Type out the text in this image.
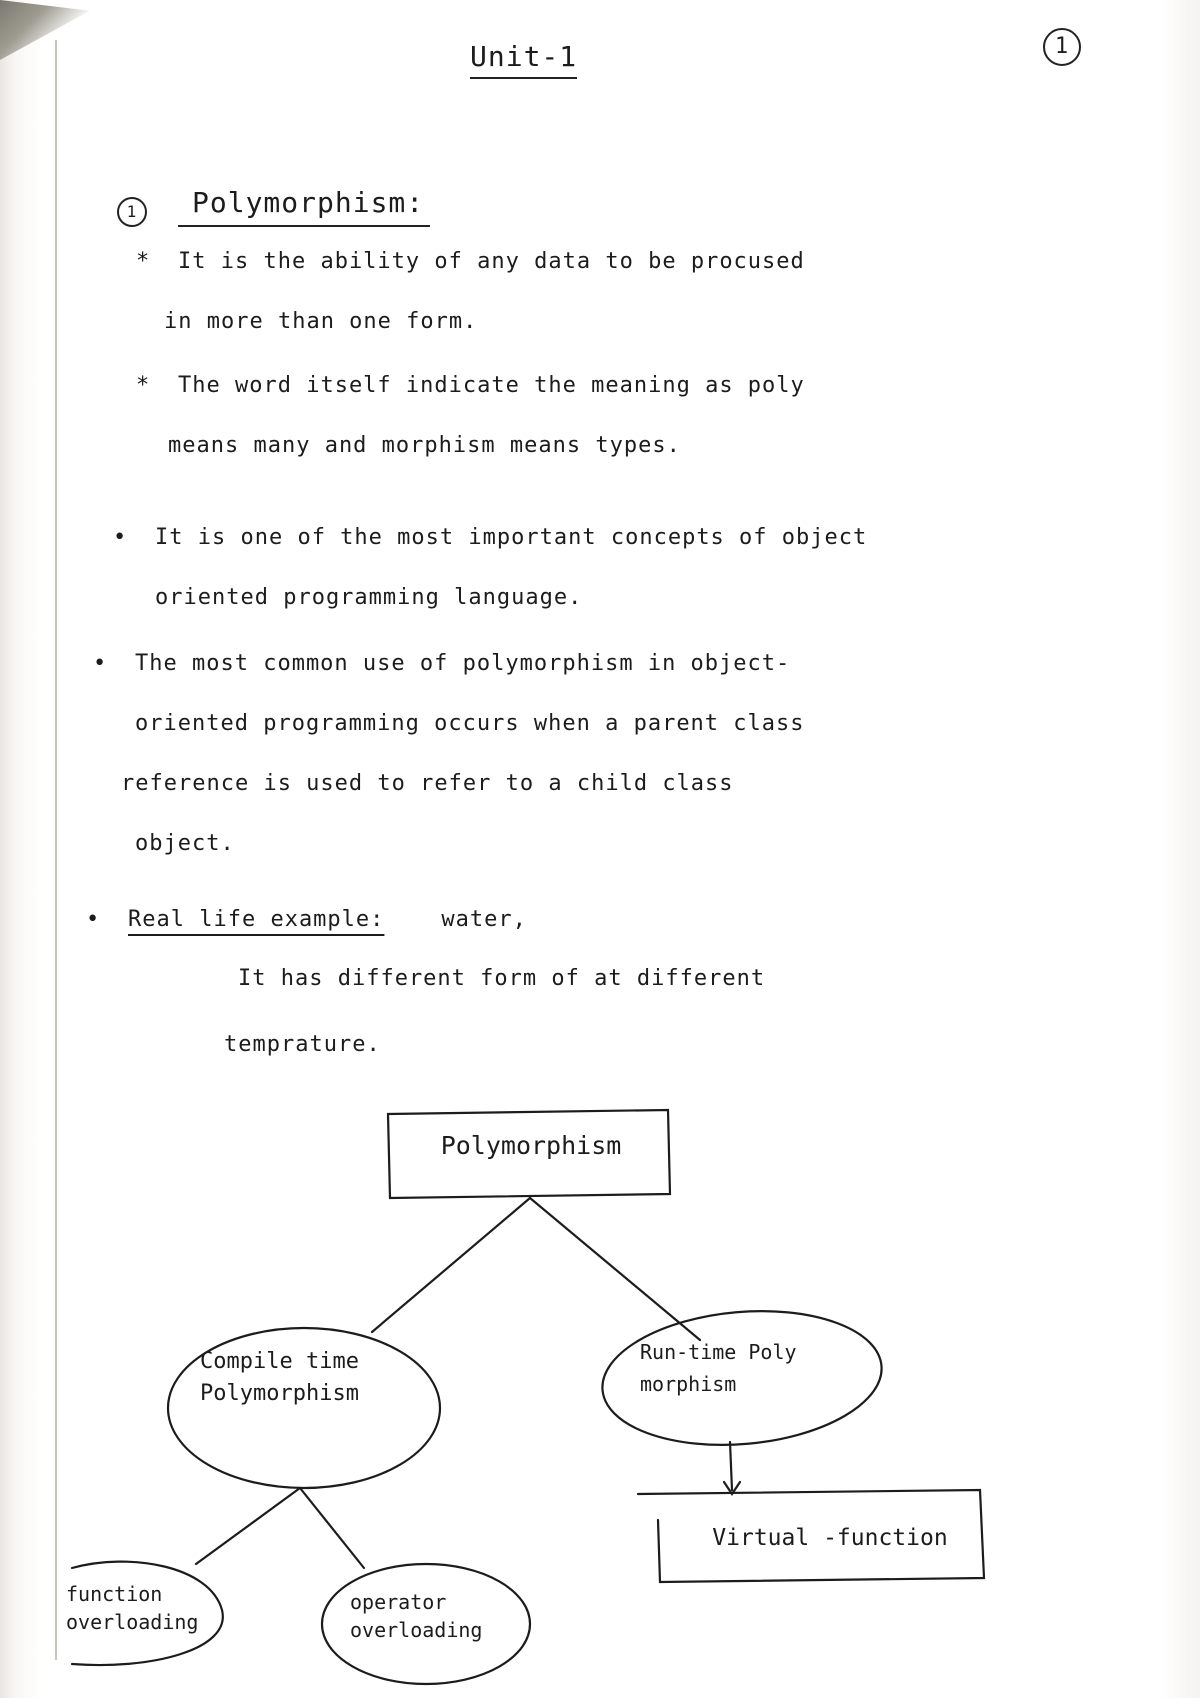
Unit-1	1
1	Polymorphism:
* It is the ability of any data to be procused
in more than one form.
* The word itself indicate the meaning as poly
means many and morphism means types.
• It is one of the most important concepts of object
oriented programming language.
• The most common use of polymorphism in object-
oriented programming occurs when a parent class
reference is used to refer to a child class
object.
• Real life example:	water,
It has different form of at different
temprature.
Polymorphism
Compile time Polymorphism
Run-time Poly morphism
Virtual -function
function overloading
operator overloading
